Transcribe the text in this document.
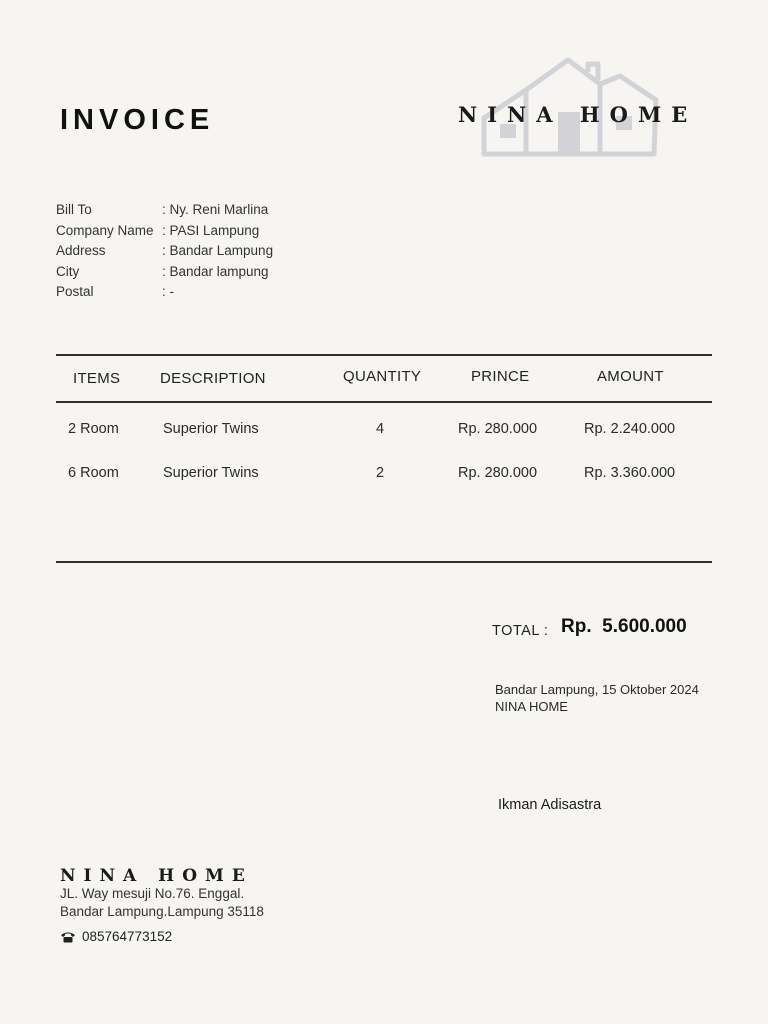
INVOICE	NINA HOME
Bill To	: Ny. Reni Marlina
Company Name : PASI Lampung
Address	: Bandar Lampung
City	: Bandar lampung
Postal	: -
ITEMS	DESCRIPTION	QUANTITY	PRINCE	AMOUNT
2 Room	Superior Twins	4	Rp. 280.000	Rp. 2.240.000
6 Room	Superior Twins	2	Rp. 280.000	Rp. 3.360.000
TOTAL : Rp.  5.600.000
Bandar Lampung, 15 Oktober 2024
NINA HOME
Ikman Adisastra
NINA HOME
JL. Way mesuji No.76. Enggal.
Bandar Lampung.Lampung 35118
085764773152
